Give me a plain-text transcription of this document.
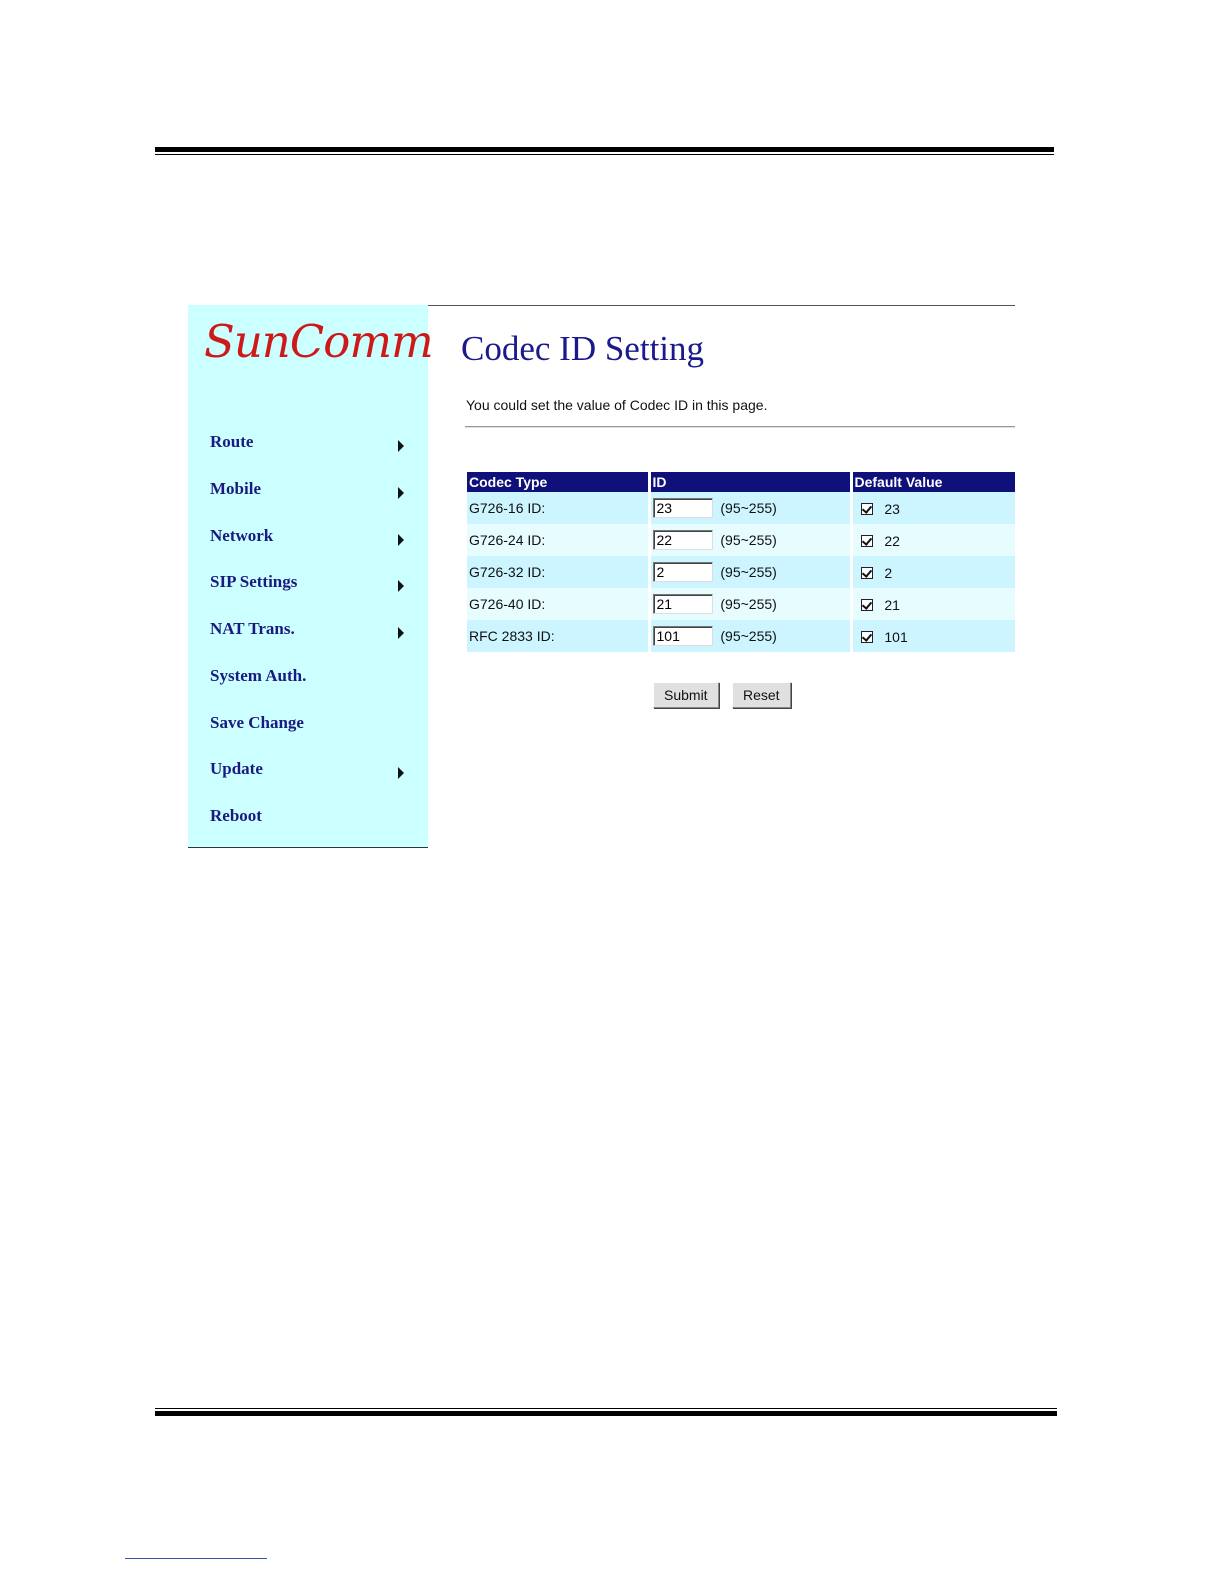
SunComm
Route
Mobile
Network
SIP Settings
NAT Trans.
System Auth.
Save Change
Update
Reboot
Codec ID Setting
You could set the value of Codec ID in this page.
Codec Type	ID	Default Value
G726-16 ID:	23(95~255)	23
G726-24 ID:	22(95~255)	22
G726-32 ID:	2(95~255)	2
G726-40 ID:	21(95~255)	21
RFC 2833 ID:	101(95~255)	101
Submit	Reset
